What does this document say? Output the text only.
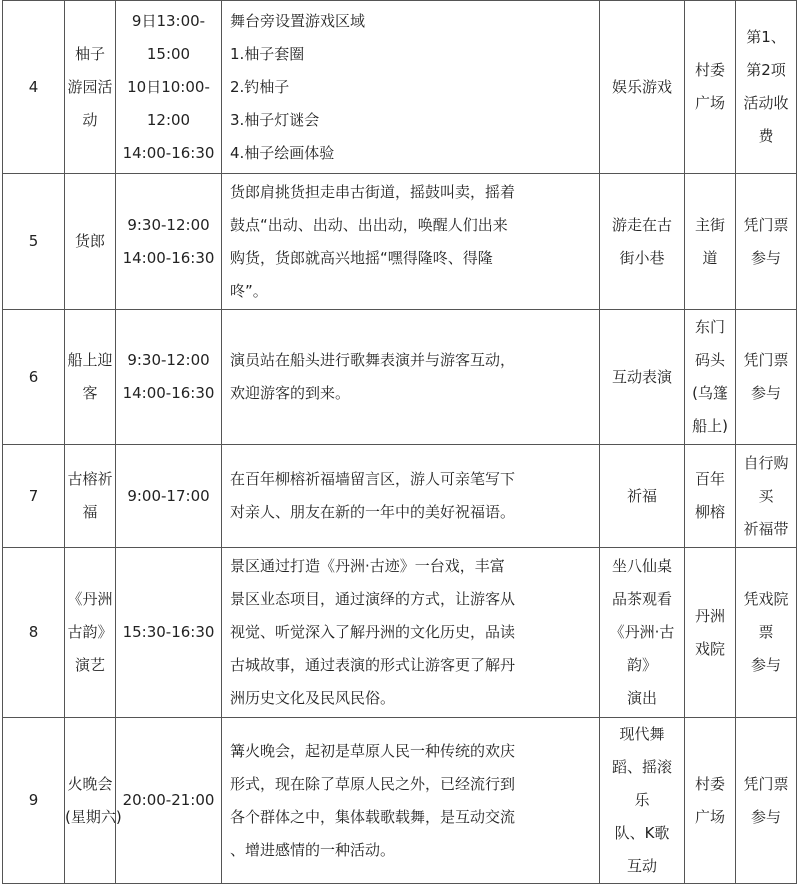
4	柚子
游园活
动	9日13:00-
15:00
10日10:00-
12:00
14:00-16:30	舞台旁设置游戏区域
1.柚子套圈
2.钓柚子
3.柚子灯谜会
4.柚子绘画体验	娱乐游戏	村委
广场	第1、
第2项
活动收
费

5	货郎	9:30-12:00
14:00-16:30	货郎肩挑货担走串古街道，摇鼓叫卖，摇着
鼓点“出动、出动、出出动，唤醒人们出来
购货，货郎就高兴地摇“嘿得隆咚、得隆
咚”。	游走在古
街小巷	主街
道	凭门票
参与

6	船上迎
客	9:30-12:00
14:00-16:30	演员站在船头进行歌舞表演并与游客互动，
欢迎游客的到来。	互动表演	东门
码头
(乌篷
船上)	凭门票
参与

7	古榕祈
福	9:00-17:00	在百年柳榕祈福墙留言区，游人可亲笔写下
对亲人、朋友在新的一年中的美好祝福语。	祈福	百年
柳榕	自行购
买
祈福带

8	《丹洲
古韵》
演艺	15:30-16:30	景区通过打造《丹洲·古迹》一台戏，丰富
景区业态项目，通过演绎的方式，让游客从
视觉、听觉深入了解丹洲的文化历史，品读
古城故事，通过表演的形式让游客更了解丹
洲历史文化及民风民俗。	坐八仙桌
品茶观看
《丹洲·古
韵》
演出	丹洲
戏院	凭戏院
票
参与

9	火晚会
(星期六)	20:00-21:00	篝火晚会，起初是草原人民一种传统的欢庆
形式，现在除了草原人民之外，已经流行到
各个群体之中，集体载歌载舞，是互动交流
、增进感情的一种活动。	现代舞
蹈、摇滚
乐
队、K歌
互动	村委
广场	凭门票
参与
